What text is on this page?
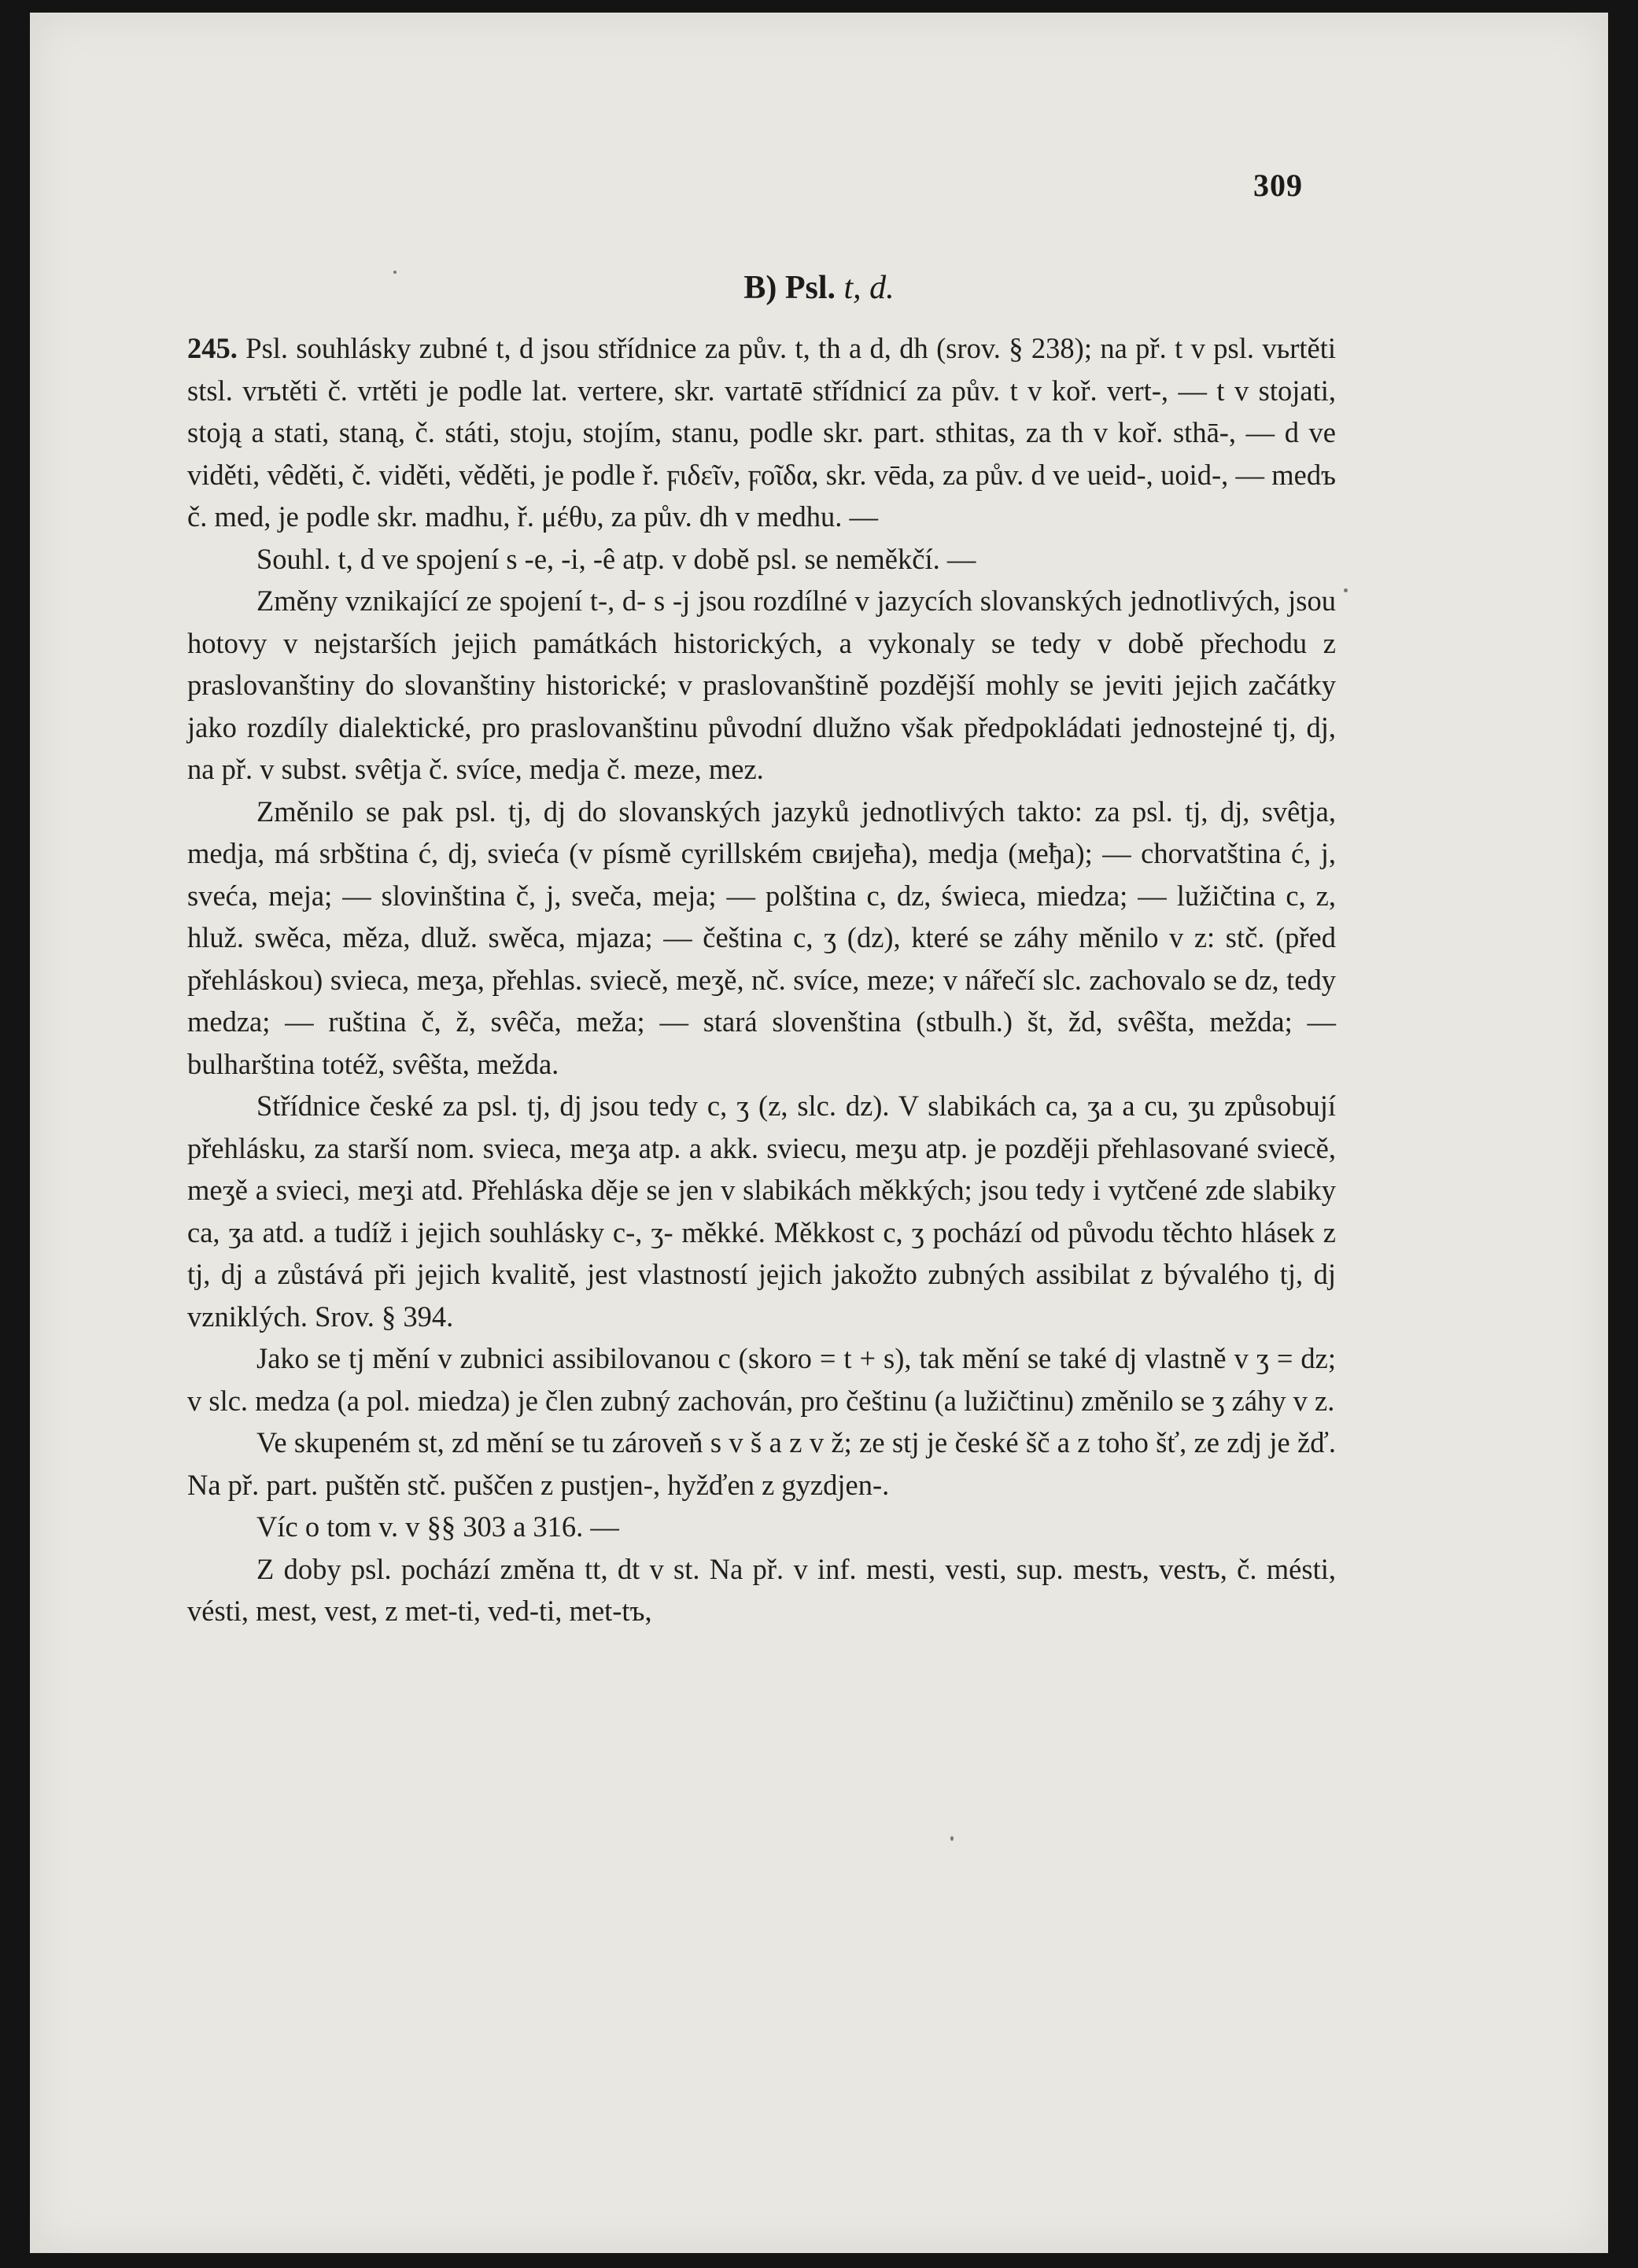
309
B) Psl. t, d.

245. Psl. souhlásky zubné t, d jsou střídnice za pův. t, th a d, dh (srov. § 238); na př. t v psl. vьrtěti stsl. vrъtěti č. vrtěti je podle lat. vertere, skr. vartatē střídnicí za pův. t v koř. vert-, — t v stojati, stoją a stati, staną, č. státi, stoju, stojím, stanu, podle skr. part. sthitas, za th v koř. sthā-, — d ve viděti, vêděti, č. viděti, věděti, je podle ř. ϝιδεῖν, ϝοῖδα, skr. vēda, za pův. d ve ueid-, uoid-, — medъ č. med, je podle skr. madhu, ř. μέθυ, za pův. dh v medhu. —

Souhl. t, d ve spojení s -e, -i, -ê atp. v době psl. se neměkčí. —

Změny vznikající ze spojení t-, d- s -j jsou rozdílné v jazycích slovanských jednotlivých, jsou hotovy v nejstarších jejich památkách historických, a vykonaly se tedy v době přechodu z praslovanštiny do slovanštiny historické; v praslovanštině pozdější mohly se jeviti jejich začátky jako rozdíly dialektické, pro praslovanštinu původní dlužno však předpokládati jednostejné tj, dj, na př. v subst. svêtja č. svíce, medja č. meze, mez.

Změnilo se pak psl. tj, dj do slovanských jazyků jednotlivých takto: za psl. tj, dj, svêtja, medja, má srbština ć, dj, svieća (v písmě cyrillském свијећа), medja (међа); — chorvatština ć, j, sveća, meja; — slovinština č, j, sveča, meja; — polština c, dz, świeca, miedza; — lužičtina c, z, hluž. swěca, měza, dluž. swěca, mjaza; — čeština c, ʒ (dz), které se záhy měnilo v z: stč. (před přehláskou) svieca, meʒa, přehlas. sviecě, meʒě, nč. svíce, meze; v nářečí slc. zachovalo se dz, tedy medza; — ruština č, ž, svêča, meža; — stará slovenština (stbulh.) št, žd, svêšta, mežda; — bulharština totéž, svêšta, mežda.

Střídnice české za psl. tj, dj jsou tedy c, ʒ (z, slc. dz). V slabikách ca, ʒa a cu, ʒu způsobují přehlásku, za starší nom. svieca, meʒa atp. a akk. sviecu, meʒu atp. je později přehlasované sviecě, meʒě a svieci, meʒi atd. Přehláska děje se jen v slabikách měkkých; jsou tedy i vytčené zde slabiky ca, ʒa atd. a tudíž i jejich souhlásky c-, ʒ- měkké. Měkkost c, ʒ pochází od původu těchto hlásek z tj, dj a zůstává při jejich kvalitě, jest vlastností jejich jakožto zubných assibilat z bývalého tj, dj vzniklých. Srov. § 394.

Jako se tj mění v zubnici assibilovanou c (skoro = t + s), tak mění se také dj vlastně v ʒ = dz; v slc. medza (a pol. miedza) je člen zubný zachován, pro češtinu (a lužičtinu) změnilo se ʒ záhy v z.

Ve skupeném st, zd mění se tu zároveň s v š a z v ž; ze stj je české šč a z toho šť, ze zdj je žď. Na př. part. puštěn stč. puščen z pustjen-, hyžďen z gyzdjen-.

Víc o tom v. v §§ 303 a 316. —

Z doby psl. pochází změna tt, dt v st. Na př. v inf. mesti, vesti, sup. mestъ, vestъ, č. mésti, vésti, mest, vest, z met-ti, ved-ti, met-tъ,
